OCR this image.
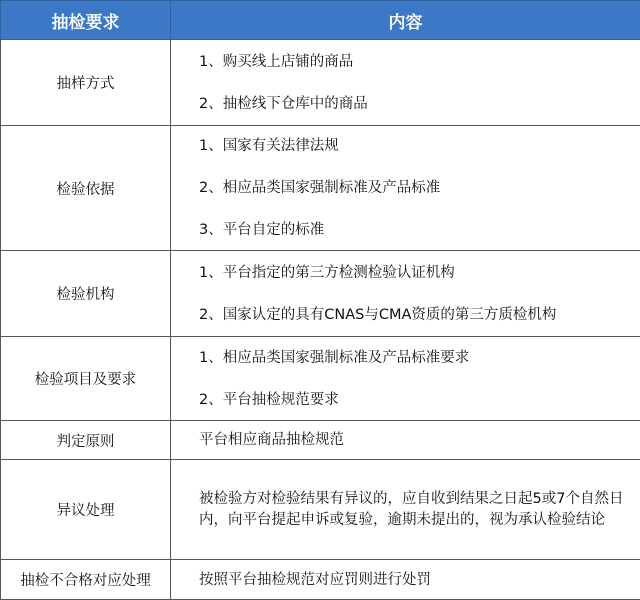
抽检要求	内容
抽样方式	1、购买线上店铺的商品
2、抽检线下仓库中的商品

检验依据	1、国家有关法律法规
2、相应品类国家强制标准及产品标准
3、平台自定的标准

检验机构	1、平台指定的第三方检测检验认证机构
2、国家认定的具有CNAS与CMA资质的第三方质检机构

检验项目及要求	1、相应品类国家强制标准及产品标准要求
2、平台抽检规范要求

判定原则	平台相应商品抽检规范

异议处理	被检验方对检验结果有异议的，应自收到结果之日起5或7个自然日内，向平台提起申诉或复验，逾期未提出的，视为承认检验结论

抽检不合格对应处理	按照平台抽检规范对应罚则进行处罚
